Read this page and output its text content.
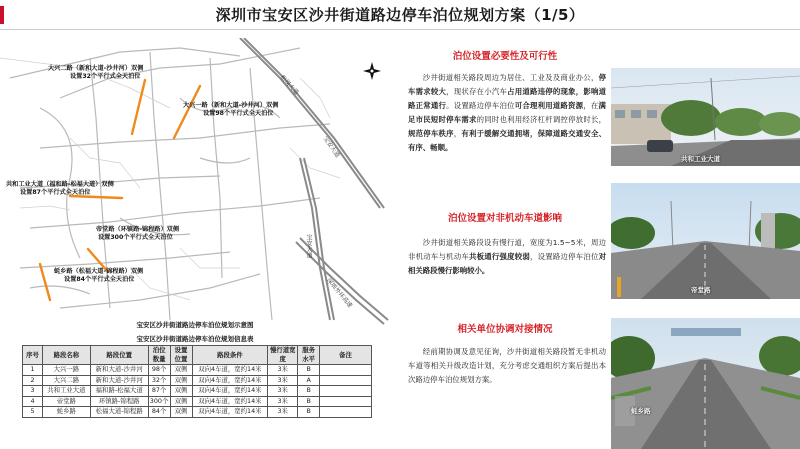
深圳市宝安区沙井街道路边停车泊位规划方案（1/5）
大兴二路（新和大道-沙井河）双侧
设置32个平行式全天泊位
大兴一路（新和大道-沙井河）双侧
设置98个平行式全天泊位
共和工业大道（福和路-松福大道）双侧
设置87个平行式全天泊位
帝堂路（环镇路-锦程路）双侧
设置300个平行式全天泊位
蚝乡路（松福大道-锦程路）双侧
设置84个平行式全天泊位
松岗大道
宝安大道
宝安大道
深圳外环高速
宝安区沙井街道路边停车泊位规划示意图
宝安区沙井街道路边停车泊位规划信息表
序号	路段名称	路段位置	泊位数量	设置位置	路段条件	慢行道宽度	服务水平	备注
1	大兴一路	新和大道-沙井河	98个	双侧	双向4车道，宽约14米	3米	B	
2	大兴二路	新和大道-沙井河	32个	双侧	双向4车道，宽约14米	3米	A	
3	共和工业大道	福和路-松福大道	87个	双侧	双向4车道，宽约14米	3米	B	
4	帝堂路	环镇路-锦程路	300个	双侧	双向4车道，宽约14米	3米	B	
5	蚝乡路	松福大道-锦程路	84个	双侧	双向4车道，宽约14米	3米	B	
泊位设置必要性及可行性
沙井街道相关路段周边为居住、工业及及商业办公，停车需求较大，现状存在小汽车占用道路违停的现象，影响道路正常通行。设置路边停车泊位可合理利用道路资源，在满足市民短时停车需求的同时也利用经济杠杆调控停放时长，规范停车秩序，有利于缓解交通拥堵，保障道路交通安全、有序、畅顺。
泊位设置对非机动车道影响
沙井街道相关路段设有慢行道，宽度为1.5~5米，周边非机动车与机动车共板通行强度较弱，设置路边停车泊位对相关路段慢行影响较小。
相关单位协调对接情况
经前期协调及意见征询，沙井街道相关路段暂无非机动车道等相关升级改造计划，充分考虑交通组织方案后提出本次路边停车泊位规划方案。
共和工业大道
帝堂路
蚝乡路
